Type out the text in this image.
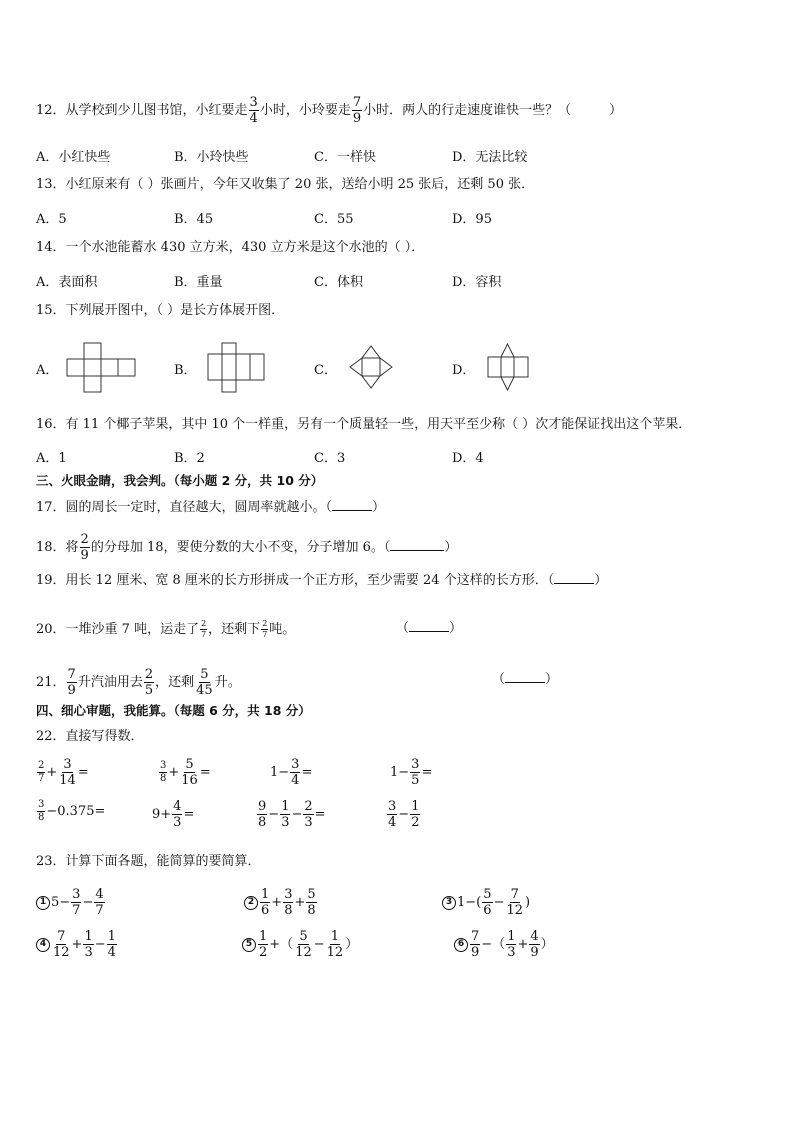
12．从学校到少儿图书馆，小红要走 $\frac{3}{4}$ 小时，小玲要走 $\frac{7}{9}$ 小时．两人的行走速度谁快一些？（	）
A．小红快些	B．小玲快些	C．一样快	D．无法比较
13．小红原来有（ ）张画片，今年又收集了 20 张，送给小明 25 张后，还剩 50 张．
A．5	B．45	C．55	D．95
14．一个水池能蓄水 430 立方米，430 立方米是这个水池的（ ）．
A．表面积	B．重量	C．体积	D．容积
15．下列展开图中，（ ）是长方体展开图．
A．	B．	C．	D．
16．有 11 个椰子苹果，其中 10 个一样重，另有一个质量轻一些，用天平至少称（ ）次才能保证找出这个苹果．
A．1	B．2	C．3	D．4
三、火眼金睛，我会判。（每小题 2 分，共 10 分）
17．圆的周长一定时，直径越大，圆周率就越小。（	）
18．将 $\frac{2}{9}$ 的分母加 18，要使分数的大小不变，分子增加 6。（	）
19．用长 12 厘米、宽 8 厘米的长方形拼成一个正方形，至少需要 24 个这样的长方形．（	）
20．一堆沙重 7 吨，运走了 $\frac{2}{7}$ ，还剩下 $\frac{2}{7}$ 吨。	（	）
21． $\frac{7}{9}$ 升汽油用去 $\frac{2}{5}$ ，还剩 $\frac{5}{45}$ 升。	（	）
四、细心审题，我能算。（每题 6 分，共 18 分）
22．直接写得数．
$\frac{2}{7} + \frac{3}{14}$ =	$\frac{3}{8} + \frac{5}{16}$ =	$1- \frac{3}{4}$ =	$1- \frac{3}{5}$ =
$\frac{3}{8} -0.375=$	$9+ \frac{4}{3}$ =	$\frac{9}{8} - \frac{1}{3} - \frac{2}{3}$ =	$\frac{3}{4} - \frac{1}{2}$
23．计算下面各题，能简算的要简算．
1 $5- \frac{3}{7} - \frac{4}{7}$	$2 \frac{1}{6} + \frac{3}{8} + \frac{5}{8}$	3 $1-( \frac{5}{6} - \frac{7}{12}$ )
$4 \frac{7}{12} + \frac{1}{3} - \frac{1}{4}$	$5 \frac{1}{2}$ +（ $\frac{5}{12} - \frac{1}{12}$ ）	$6 \frac{7}{9}$ −（ $\frac{1}{3} + \frac{4}{9}$ ）
